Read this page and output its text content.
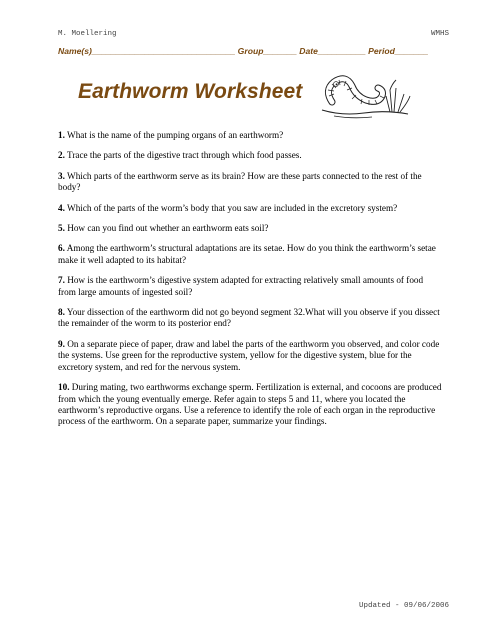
M. Moellering	WMHS
Name(s)______________________________ Group_______ Date__________ Period_______
Earthworm Worksheet

1. What is the name of the pumping organs of an earthworm?

2. Trace the parts of the digestive tract through which food passes.

3. Which parts of the earthworm serve as its brain? How are these parts connected to the rest of the body?

4. Which of the parts of the worm’s body that you saw are included in the excretory system?

5. How can you find out whether an earthworm eats soil?

6. Among the earthworm’s structural adaptations are its setae. How do you think the earthworm’s setae make it well adapted to its habitat?

7. How is the earthworm’s digestive system adapted for extracting relatively small amounts of food from large amounts of ingested soil?

8. Your dissection of the earthworm did not go beyond segment 32.What will you observe if you dissect the remainder of the worm to its posterior end?

9. On a separate piece of paper, draw and label the parts of the earthworm you observed, and color code the systems. Use green for the reproductive system, yellow for the digestive system, blue for the excretory system, and red for the nervous system.

10. During mating, two earthworms exchange sperm. Fertilization is external, and cocoons are produced from which the young eventually emerge. Refer again to steps 5 and 11, where you located the earthworm’s reproductive organs. Use a reference to identify the role of each organ in the reproductive process of the earthworm. On a separate paper, summarize your findings.

Updated - 09/06/2006
